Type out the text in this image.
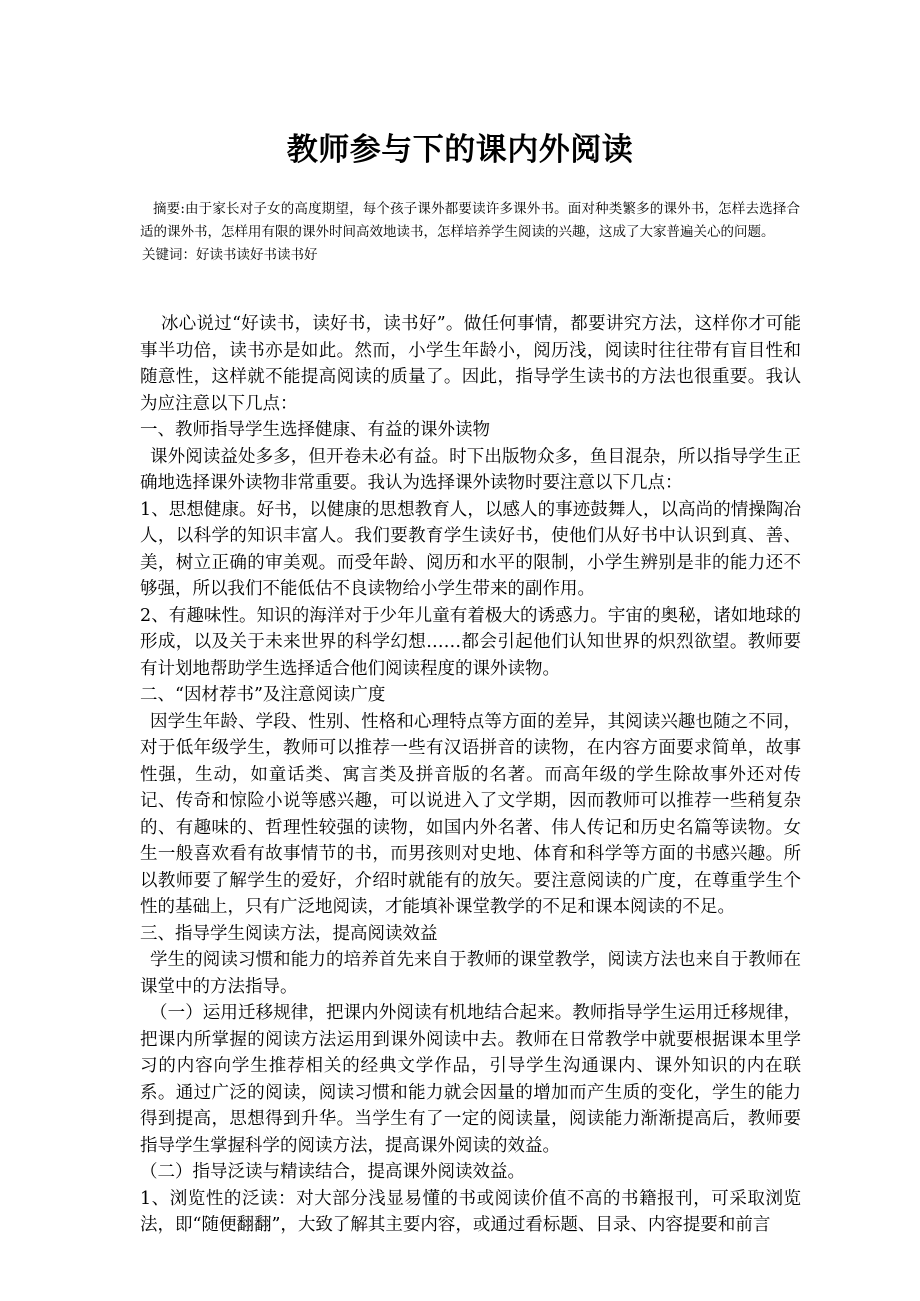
教师参与下的课内外阅读

摘要:由于家长对子女的高度期望，每个孩子课外都要读许多课外书。面对种类繁多的课外书，怎样去选择合适的课外书，怎样用有限的课外时间高效地读书，怎样培养学生阅读的兴趣，这成了大家普遍关心的问题。

关键词：好读书读好书读书好

冰心说过“好读书，读好书，读书好”。做任何事情，都要讲究方法，这样你才可能事半功倍，读书亦是如此。然而，小学生年龄小，阅历浅，阅读时往往带有盲目性和随意性，这样就不能提高阅读的质量了。因此，指导学生读书的方法也很重要。我认为应注意以下几点：

一、教师指导学生选择健康、有益的课外读物

课外阅读益处多多，但开卷未必有益。时下出版物众多，鱼目混杂，所以指导学生正确地选择课外读物非常重要。我认为选择课外读物时要注意以下几点：

1、思想健康。好书，以健康的思想教育人，以感人的事迹鼓舞人，以高尚的情操陶冶人，以科学的知识丰富人。我们要教育学生读好书，使他们从好书中认识到真、善、美，树立正确的审美观。而受年龄、阅历和水平的限制，小学生辨别是非的能力还不够强，所以我们不能低估不良读物给小学生带来的副作用。

2、有趣味性。知识的海洋对于少年儿童有着极大的诱惑力。宇宙的奥秘，诸如地球的形成，以及关于未来世界的科学幻想……都会引起他们认知世界的炽烈欲望。教师要有计划地帮助学生选择适合他们阅读程度的课外读物。

二、“因材荐书”及注意阅读广度

因学生年龄、学段、性别、性格和心理特点等方面的差异，其阅读兴趣也随之不同，对于低年级学生，教师可以推荐一些有汉语拼音的读物，在内容方面要求简单，故事性强，生动，如童话类、寓言类及拼音版的名著。而高年级的学生除故事外还对传记、传奇和惊险小说等感兴趣，可以说进入了文学期，因而教师可以推荐一些稍复杂的、有趣味的、哲理性较强的读物，如国内外名著、伟人传记和历史名篇等读物。女生一般喜欢看有故事情节的书，而男孩则对史地、体育和科学等方面的书感兴趣。所以教师要了解学生的爱好，介绍时就能有的放矢。要注意阅读的广度，在尊重学生个性的基础上，只有广泛地阅读，才能填补课堂教学的不足和课本阅读的不足。

三、指导学生阅读方法，提高阅读效益

学生的阅读习惯和能力的培养首先来自于教师的课堂教学，阅读方法也来自于教师在课堂中的方法指导。

（一）运用迁移规律，把课内外阅读有机地结合起来。教师指导学生运用迁移规律，把课内所掌握的阅读方法运用到课外阅读中去。教师在日常教学中就要根据课本里学习的内容向学生推荐相关的经典文学作品，引导学生沟通课内、课外知识的内在联系。通过广泛的阅读，阅读习惯和能力就会因量的增加而产生质的变化，学生的能力得到提高，思想得到升华。当学生有了一定的阅读量，阅读能力渐渐提高后，教师要指导学生掌握科学的阅读方法，提高课外阅读的效益。

（二）指导泛读与精读结合，提高课外阅读效益。

1、浏览性的泛读：对大部分浅显易懂的书或阅读价值不高的书籍报刊，可采取浏览法，即“随便翻翻”，大致了解其主要内容，或通过看标题、目录、内容提要和前言
